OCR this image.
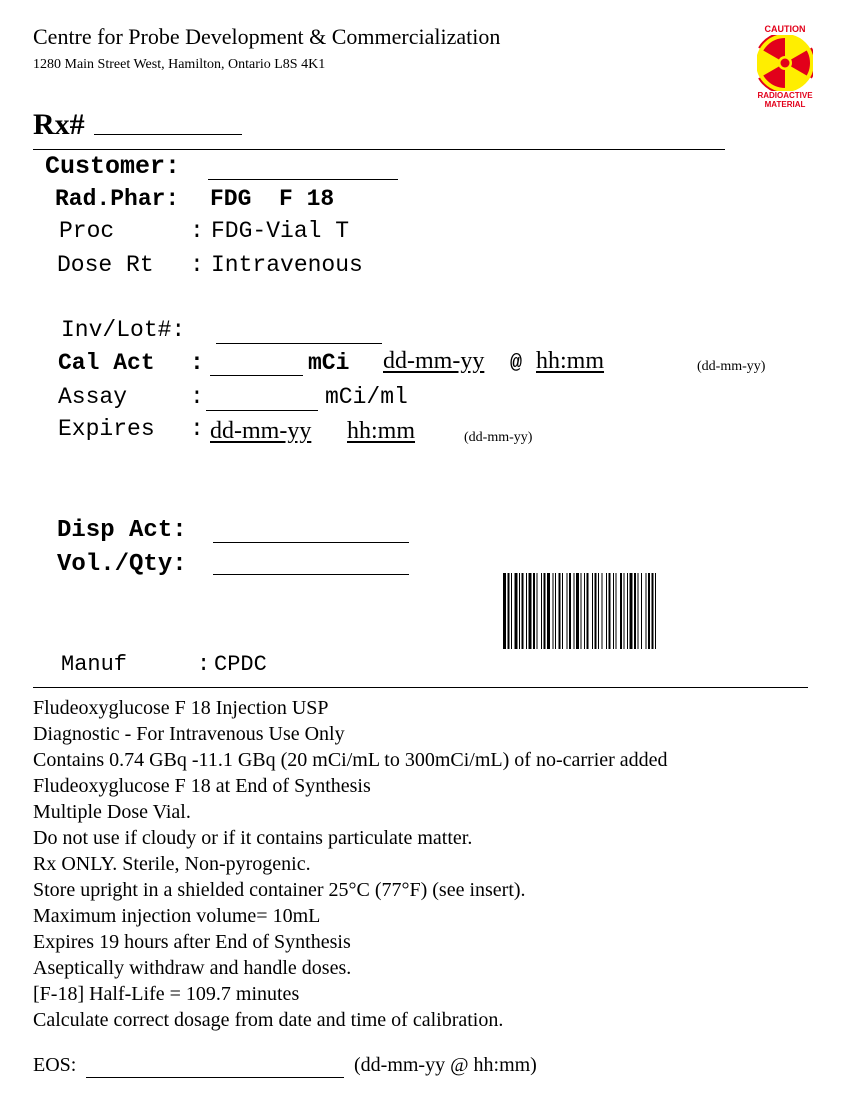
Centre for Probe Development & Commercialization
1280 Main Street West, Hamilton, Ontario L8S 4K1
CAUTION
RADIOACTIVE
MATERIAL
Rx#
Customer:
Rad.Phar: FDG  F 18
Proc	: FDG-Vial T
Dose Rt : Intravenous
Inv/Lot#:
Cal Act :	mCi dd-mm-yy @ hh:mm	(dd-mm-yy)
Assay	:	mCi/ml
Expires : dd-mm-yy hh:mm	(dd-mm-yy)
Disp Act:
Vol./Qty:
Manuf	: CPDC
Fludeoxyglucose F 18 Injection USP
Diagnostic - For Intravenous Use Only
Contains 0.74 GBq -11.1 GBq (20 mCi/mL to 300mCi/mL) of no-carrier added
Fludeoxyglucose F 18 at End of Synthesis
Multiple Dose Vial.
Do not use if cloudy or if it contains particulate matter.
Rx ONLY. Sterile, Non-pyrogenic.
Store upright in a shielded container 25°C (77°F) (see insert).
Maximum injection volume= 10mL
Expires 19 hours after End of Synthesis
Aseptically withdraw and handle doses.
[F-18] Half-Life = 109.7 minutes
Calculate correct dosage from date and time of calibration.
EOS:	(dd-mm-yy @ hh:mm)
